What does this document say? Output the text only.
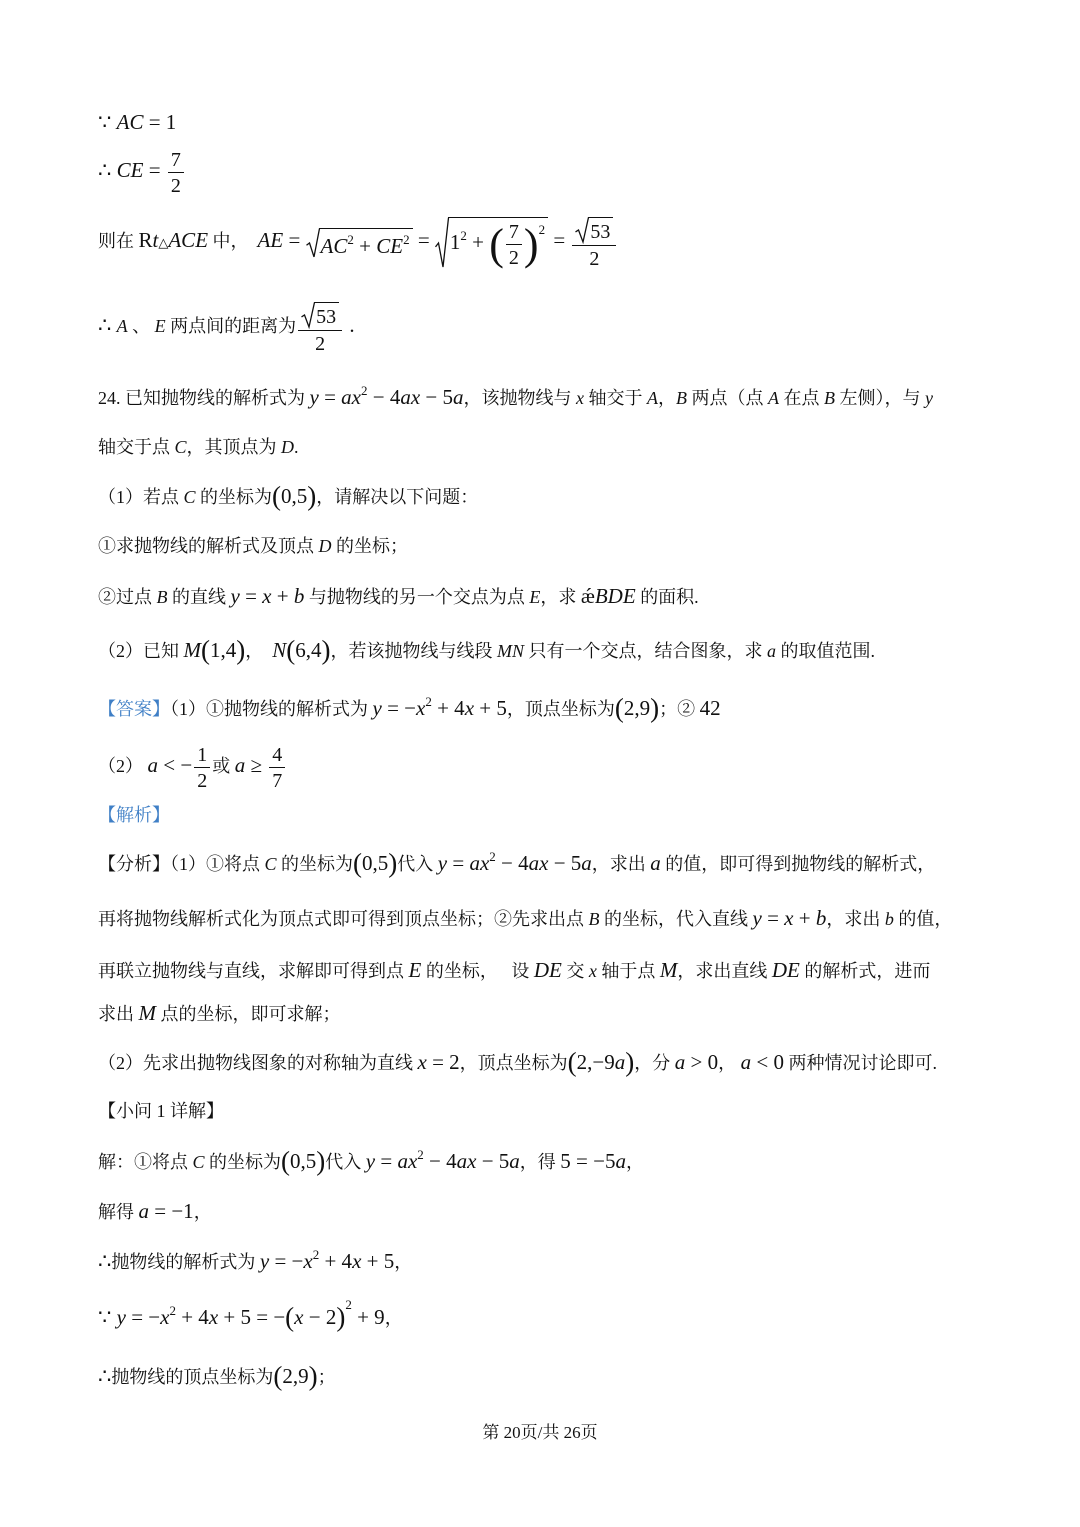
∵ AC = 1
∴ CE = $\frac{7}{2}$
则在 Rt△ACE 中，  AE =
$AC^2 + CE^2$ =
$1^2$ + ( $\frac{7}{2} )^2 = \frac{53}{2}$
∴ A 、 E 两点间的距离为 $\frac{53}{2}$ .
24. 已知抛物线的解析式为 $y = ax^2 - 4ax - 5a$，该抛物线与 x 轴交于 A，B 两点（点 A 在点 B 左侧），与 y
轴交于点 C，其顶点为 D.
（1）若点 C 的坐标为(0,5)，请解决以下问题：
①求抛物线的解析式及顶点 D 的坐标；
②过点 B 的直线 y = x + b 与抛物线的另一个交点为点 E，求 ǽBDE 的面积.
（2）已知 M(1,4)，  N(6,4)，若该抛物线与线段 MN 只有一个交点，结合图象，求 a 的取值范围.
【答案】（1）①抛物线的解析式为 $y = -x^2 + 4x + 5$，顶点坐标为(2,9)；② 42
（2） a < − $\frac{1}{2}$ 或 $a \ge \frac{4}{7}$
【解析】
【分析】（1）①将点 C 的坐标为(0,5)代入 $y = ax^2 - 4ax - 5a$，求出 a 的值，即可得到抛物线的解析式，
再将抛物线解析式化为顶点式即可得到顶点坐标；②先求出点 B 的坐标，代入直线 y = x + b，求出 b 的值，
再联立抛物线与直线，求解即可得到点 E 的坐标，   设 DE 交 x 轴于点 M，求出直线 DE 的解析式，进而
求出 M 点的坐标，即可求解；
（2）先求出抛物线图象的对称轴为直线 x = 2，顶点坐标为(2,−9a)，分 a > 0， a < 0 两种情况讨论即可.
【小问 1 详解】
解：①将点 C 的坐标为(0,5)代入 $y = ax^2 - 4ax - 5a$，得 5 = −5a，
解得 a = −1，
∴抛物线的解析式为 $y = -x^2 + 4x + 5$，
∵ $y = -x^2 + 4x + 5 = -(x - 2)^2 + 9$，
∴抛物线的顶点坐标为(2,9)；
第 20页/共 26页
